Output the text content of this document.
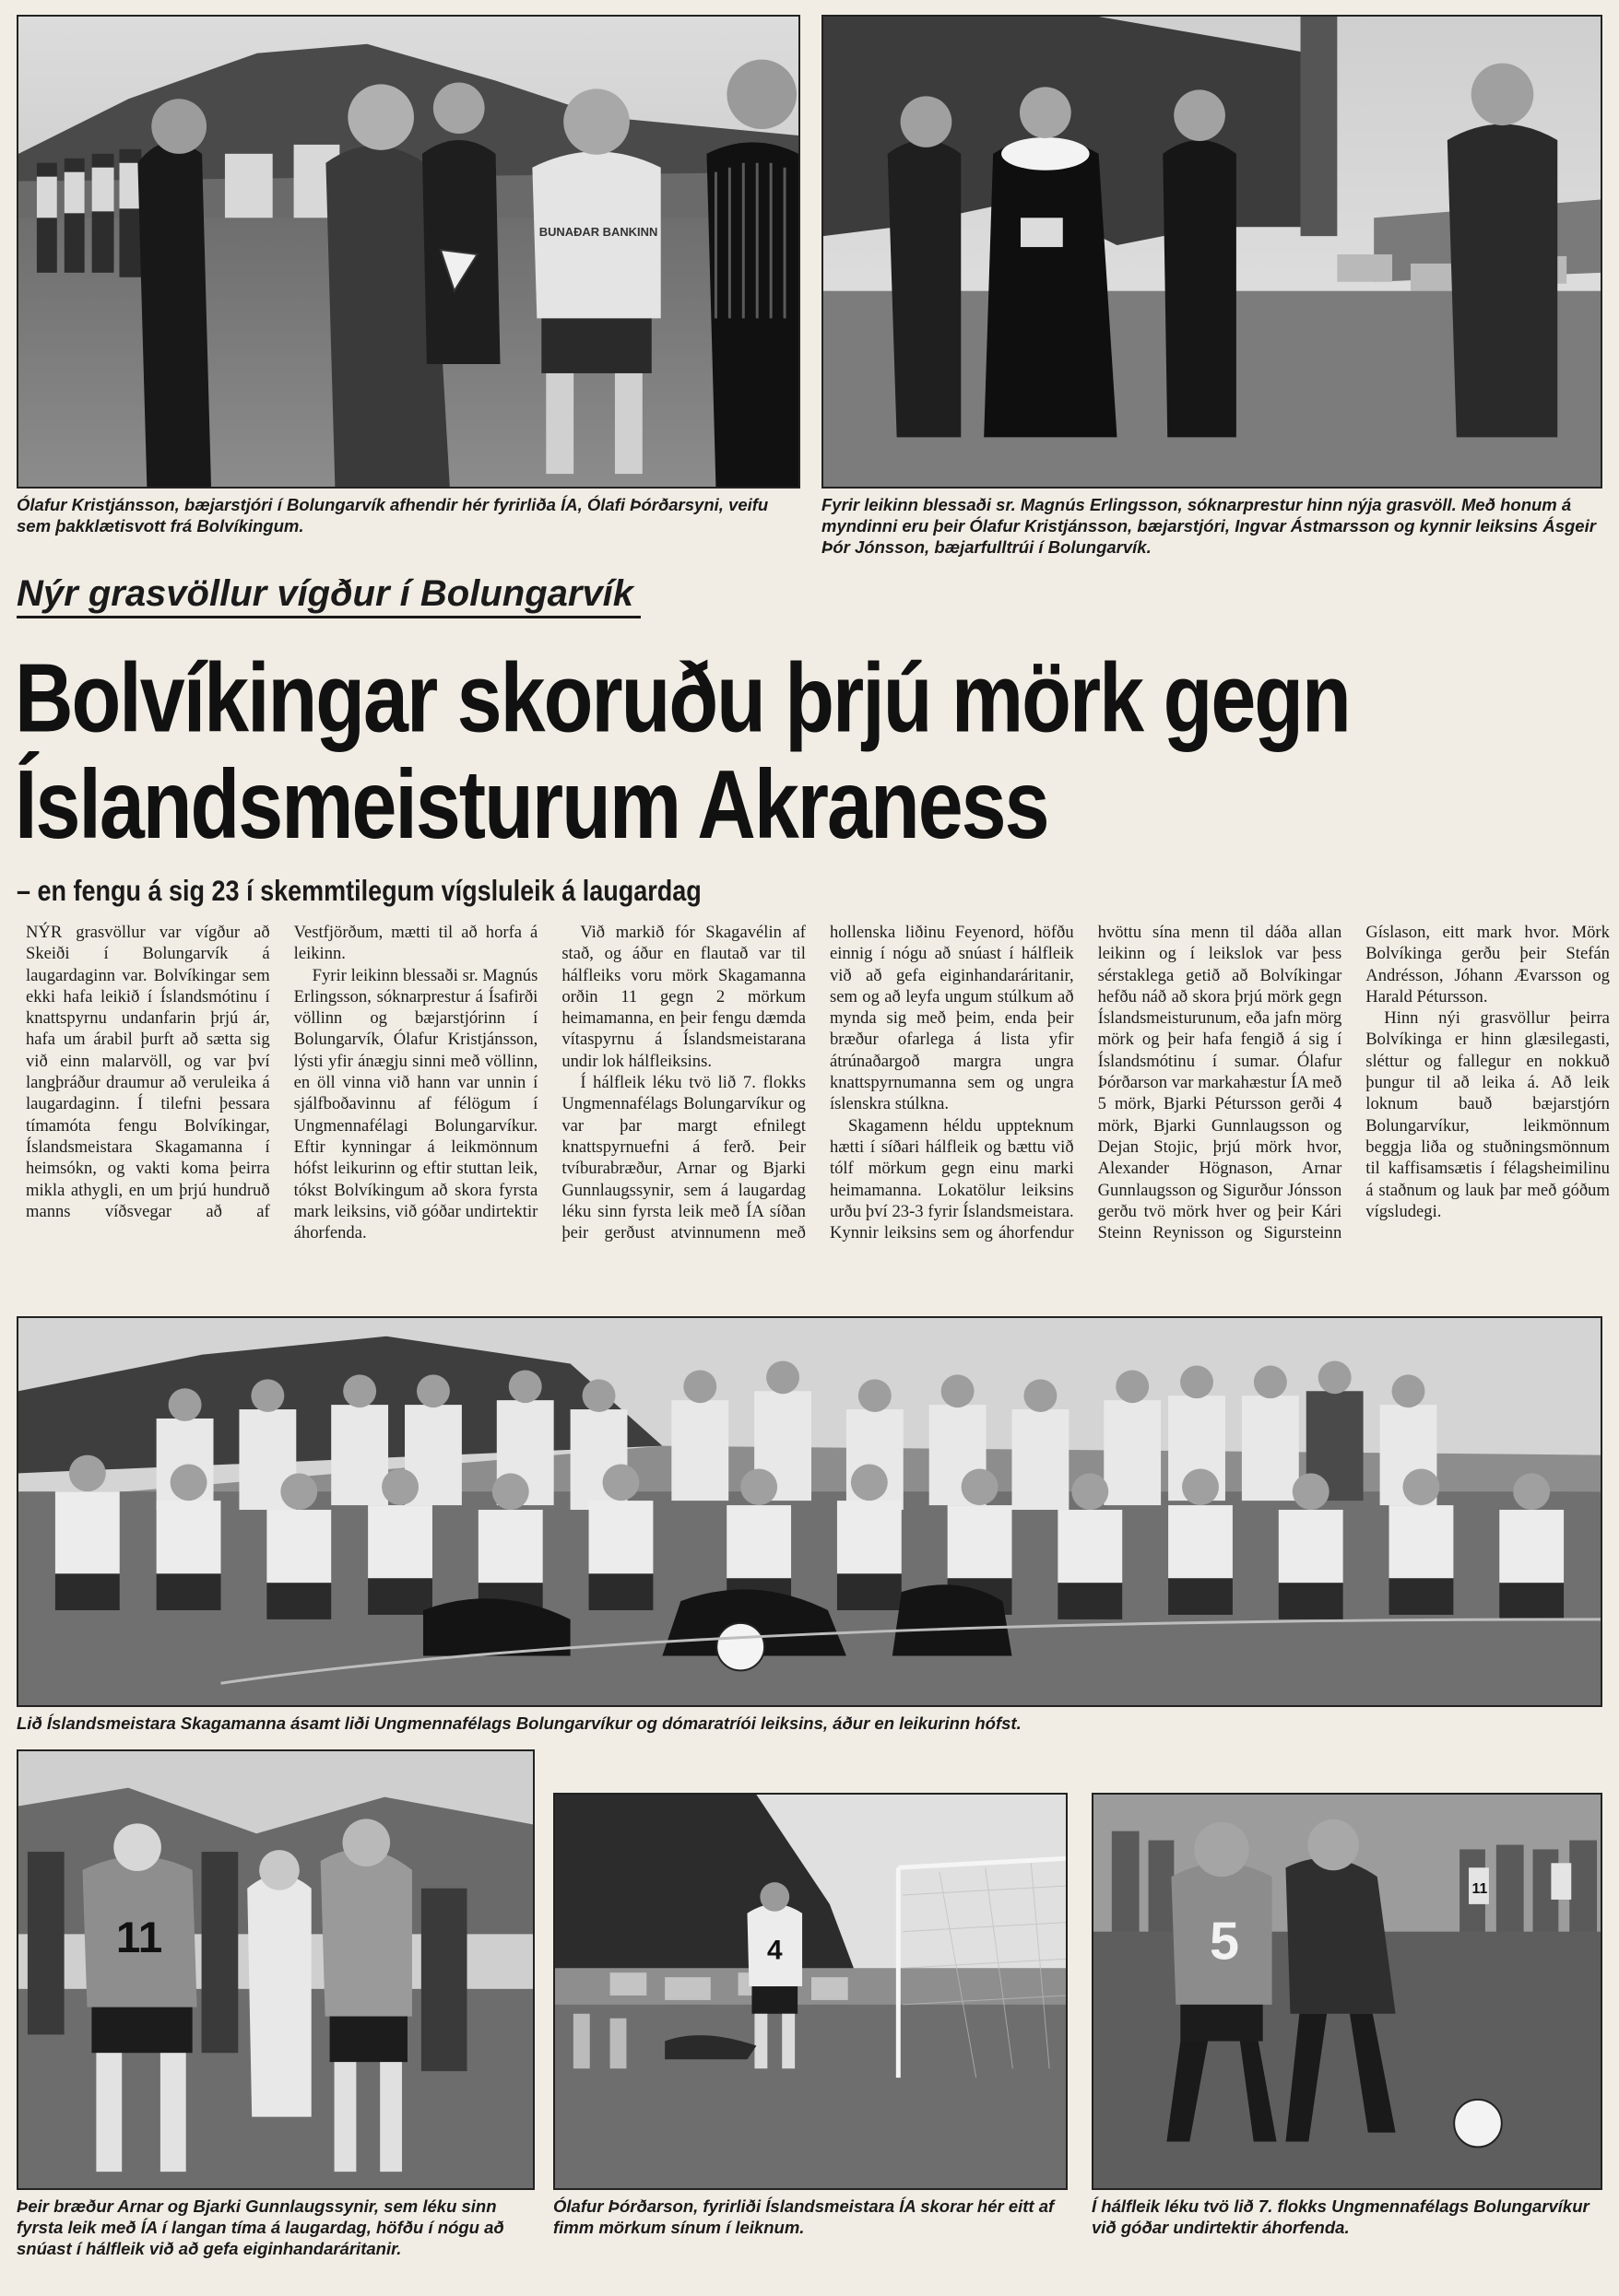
BUNAÐAR BANKINN
Ólafur Kristjánsson, bæjarstjóri í Bolungarvík afhendir hér fyrirliða ÍA, Ólafi Þórðarsyni, veifu sem þakklætisvott frá Bolvíkingum.
Fyrir leikinn blessaði sr. Magnús Erlingsson, sóknarprestur hinn nýja grasvöll. Með honum á myndinni eru þeir Ólafur Kristjánsson, bæjarstjóri, Ingvar Ástmarsson og kynnir leiksins Ásgeir Þór Jónsson, bæjarfulltrúi í Bolungarvík.
Nýr grasvöllur vígður í Bolungarvík
Bolvíkingar skoruðu þrjú mörk gegn
Íslandsmeisturum Akraness
– en fengu á sig 23 í skemmtilegum vígsluleik á laugardag

NÝR grasvöllur var vígður að Skeiði í Bolungarvík á laugardaginn var. Bolvíkingar sem ekki hafa leikið í Íslandsmótinu í knattspyrnu undanfarin þrjú ár, hafa um árabil þurft að sætta sig við einn malarvöll, og var því langþráður draumur að veruleika á laugardaginn. Í tilefni þessara tímamóta fengu Bolvíkingar, Íslandsmeistara Skagamanna í heimsókn, og vakti koma þeirra mikla athygli, en um þrjú hundruð manns víðsvegar að af Vestfjörðum, mætti til að horfa á leikinn.

Fyrir leikinn blessaði sr. Magnús Erlingsson, sóknarprestur á Ísafirði völlinn og bæjarstjórinn í Bolungarvík, Ólafur Kristjánsson, lýsti yfir ánægju sinni með völlinn, en öll vinna við hann var unnin í sjálfboðavinnu af félögum í Ungmennafélagi Bolungarvíkur. Eftir kynningar á leikmönnum hófst leikurinn og eftir stuttan leik, tókst Bolvíkingum að skora fyrsta mark leiksins, við góðar undirtektir áhorfenda.

Við markið fór Skagavélin af stað, og áður en flautað var til hálfleiks voru mörk Skagamanna orðin 11 gegn 2 mörkum heimamanna, en þeir fengu dæmda vítaspyrnu á Íslandsmeistarana undir lok hálfleiksins.

Í hálfleik léku tvö lið 7. flokks Ungmennafélags Bolungarvíkur og var þar margt efnilegt knattspyrnuefni á ferð. Þeir tvíburabræður, Arnar og Bjarki Gunnlaugssynir, sem á laugardag léku sinn fyrsta leik með ÍA síðan þeir gerðust atvinnumenn með hollenska liðinu Feyenord, höfðu einnig í nógu að snúast í hálfleik við að gefa eiginhandaráritanir, sem og að leyfa ungum stúlkum að mynda sig með þeim, enda þeir bræður ofarlega á lista yfir átrúnaðargoð margra ungra knattspyrnumanna sem og ungra íslenskra stúlkna.

Skagamenn héldu uppteknum hætti í síðari hálfleik og bættu við tólf mörkum gegn einu marki heimamanna. Lokatölur leiksins urðu því 23-3 fyrir Íslandsmeistara. Kynnir leiksins sem og áhorfendur hvöttu sína menn til dáða allan leikinn og í leikslok var þess sérstaklega getið að Bolvíkingar hefðu náð að skora þrjú mörk gegn Íslandsmeisturunum, eða jafn mörg mörk og þeir hafa fengið á sig í Íslandsmótinu í sumar. Ólafur Þórðarson var markahæstur ÍA með 5 mörk, Bjarki Pétursson gerði 4 mörk, Bjarki Gunnlaugsson og Dejan Stojic, þrjú mörk hvor, Alexander Högnason, Arnar Gunnlaugsson og Sigurður Jónsson gerðu tvö mörk hver og þeir Kári Steinn Reynisson og Sigursteinn Gíslason, eitt mark hvor. Mörk Bolvíkinga gerðu þeir Stefán Andrésson, Jóhann Ævarsson og Harald Pétursson.

Hinn nýi grasvöllur þeirra Bolvíkinga er hinn glæsilegasti, sléttur og fallegur en nokkuð þungur til að leika á. Að leik loknum bauð bæjarstjórn Bolungarvíkur, leikmönnum beggja liða og stuðningsmönnum til kaffisamsætis í félagsheimilinu á staðnum og lauk þar með góðum vígsludegi.

Lið Íslandsmeistara Skagamanna ásamt liði Ungmennafélags Bolungarvíkur og dómaratríói leiksins, áður en leikurinn hófst.
11
Þeir bræður Arnar og Bjarki Gunnlaugssynir, sem léku sinn fyrsta leik með ÍA í langan tíma á laugardag, höfðu í nógu að snúast í hálfleik við að gefa eiginhandaráritanir.
4
Ólafur Þórðarson, fyrirliði Íslandsmeistara ÍA skorar hér eitt af fimm mörkum sínum í leiknum.
11
5
Í hálfleik léku tvö lið 7. flokks Ungmennafélags Bolungarvíkur við góðar undirtektir áhorfenda.
